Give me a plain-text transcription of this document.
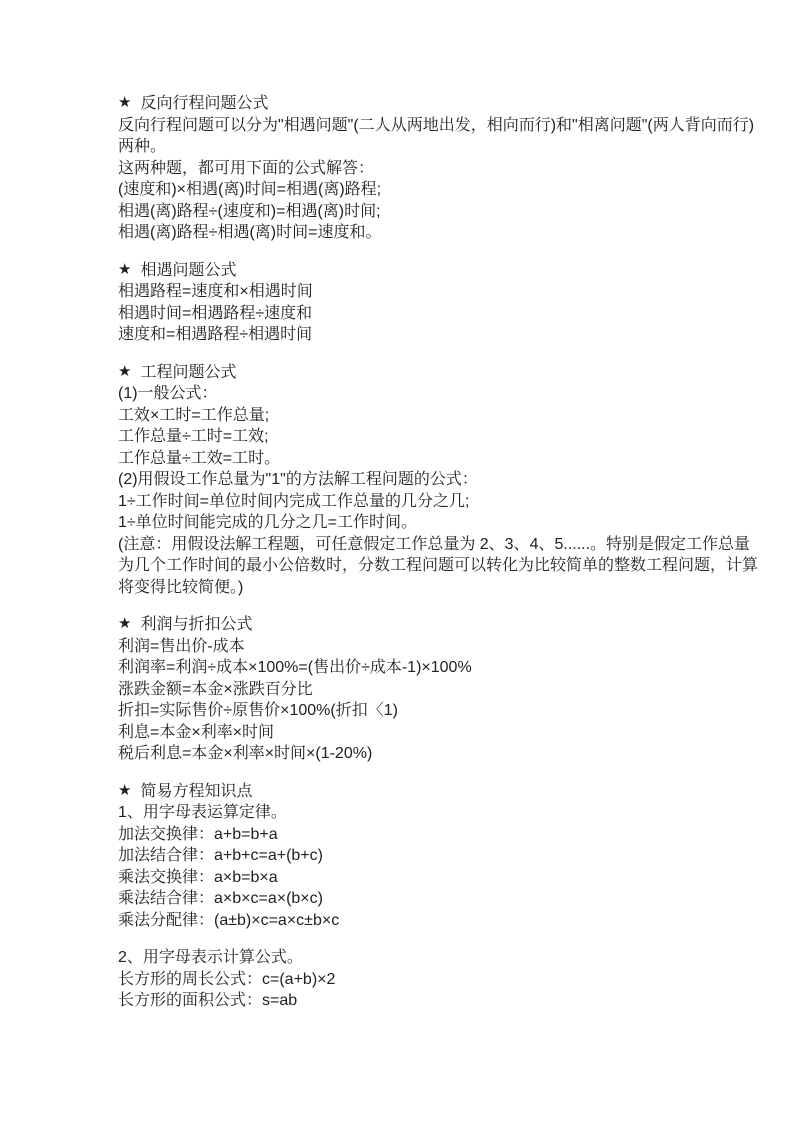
★ 反向行程问题公式
反向行程问题可以分为"相遇问题"(二人从两地出发，相向而行)和"相离问题"(两人背向而行)
两种。
这两种题，都可用下面的公式解答：
(速度和)×相遇(离)时间=相遇(离)路程;
相遇(离)路程÷(速度和)=相遇(离)时间;
相遇(离)路程÷相遇(离)时间=速度和。
★ 相遇问题公式
相遇路程=速度和×相遇时间
相遇时间=相遇路程÷速度和
速度和=相遇路程÷相遇时间
★ 工程问题公式
(1)一般公式：
工效×工时=工作总量;
工作总量÷工时=工效;
工作总量÷工效=工时。
(2)用假设工作总量为"1"的方法解工程问题的公式：
1÷工作时间=单位时间内完成工作总量的几分之几;
1÷单位时间能完成的几分之几=工作时间。
(注意：用假设法解工程题，可任意假定工作总量为 2、3、4、5......。特别是假定工作总量
为几个工作时间的最小公倍数时，分数工程问题可以转化为比较简单的整数工程问题，计算
将变得比较简便。)
★ 利润与折扣公式
利润=售出价-成本
利润率=利润÷成本×100%=(售出价÷成本-1)×100%
涨跌金额=本金×涨跌百分比
折扣=实际售价÷原售价×100%(折扣〈1)
利息=本金×利率×时间
税后利息=本金×利率×时间×(1-20%)
★ 简易方程知识点
1、用字母表运算定律。
加法交换律：a+b=b+a
加法结合律：a+b+c=a+(b+c)
乘法交换律：a×b=b×a
乘法结合律：a×b×c=a×(b×c)
乘法分配律：(a±b)×c=a×c±b×c
2、用字母表示计算公式。
长方形的周长公式：c=(a+b)×2
长方形的面积公式：s=ab
